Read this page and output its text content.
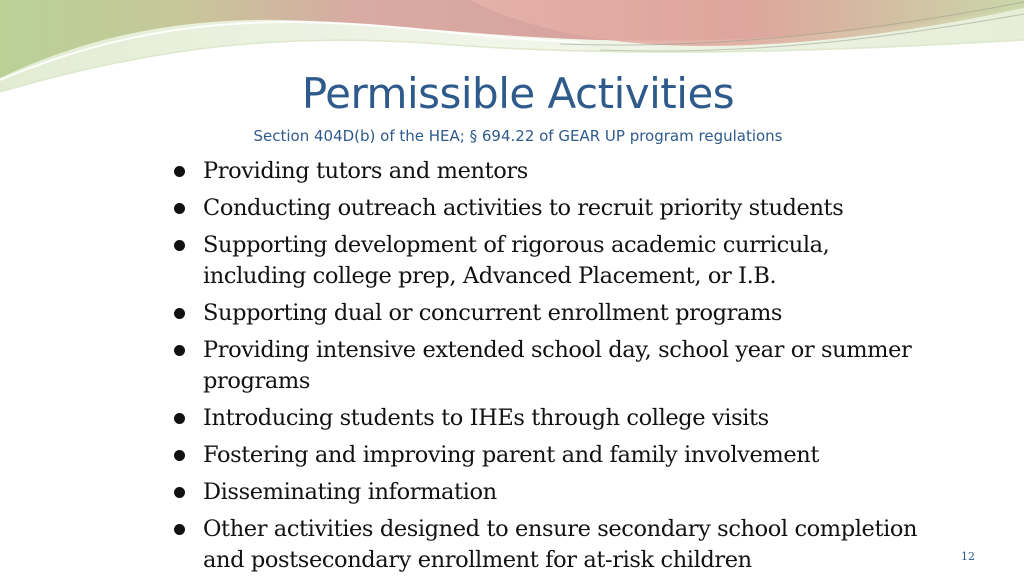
Permissible Activities
Section 404D(b) of the HEA; § 694.22 of GEAR UP program regulations
Providing tutors and mentors
Conducting outreach activities to recruit priority students
Supporting development of rigorous academic curricula, including college prep, Advanced Placement, or I.B.
Supporting dual or concurrent enrollment programs
Providing intensive extended school day, school year or summer programs
Introducing students to IHEs through college visits
Fostering and improving parent and family involvement
Disseminating information
Other activities designed to ensure secondary school completion and postsecondary enrollment for at-risk children	12
